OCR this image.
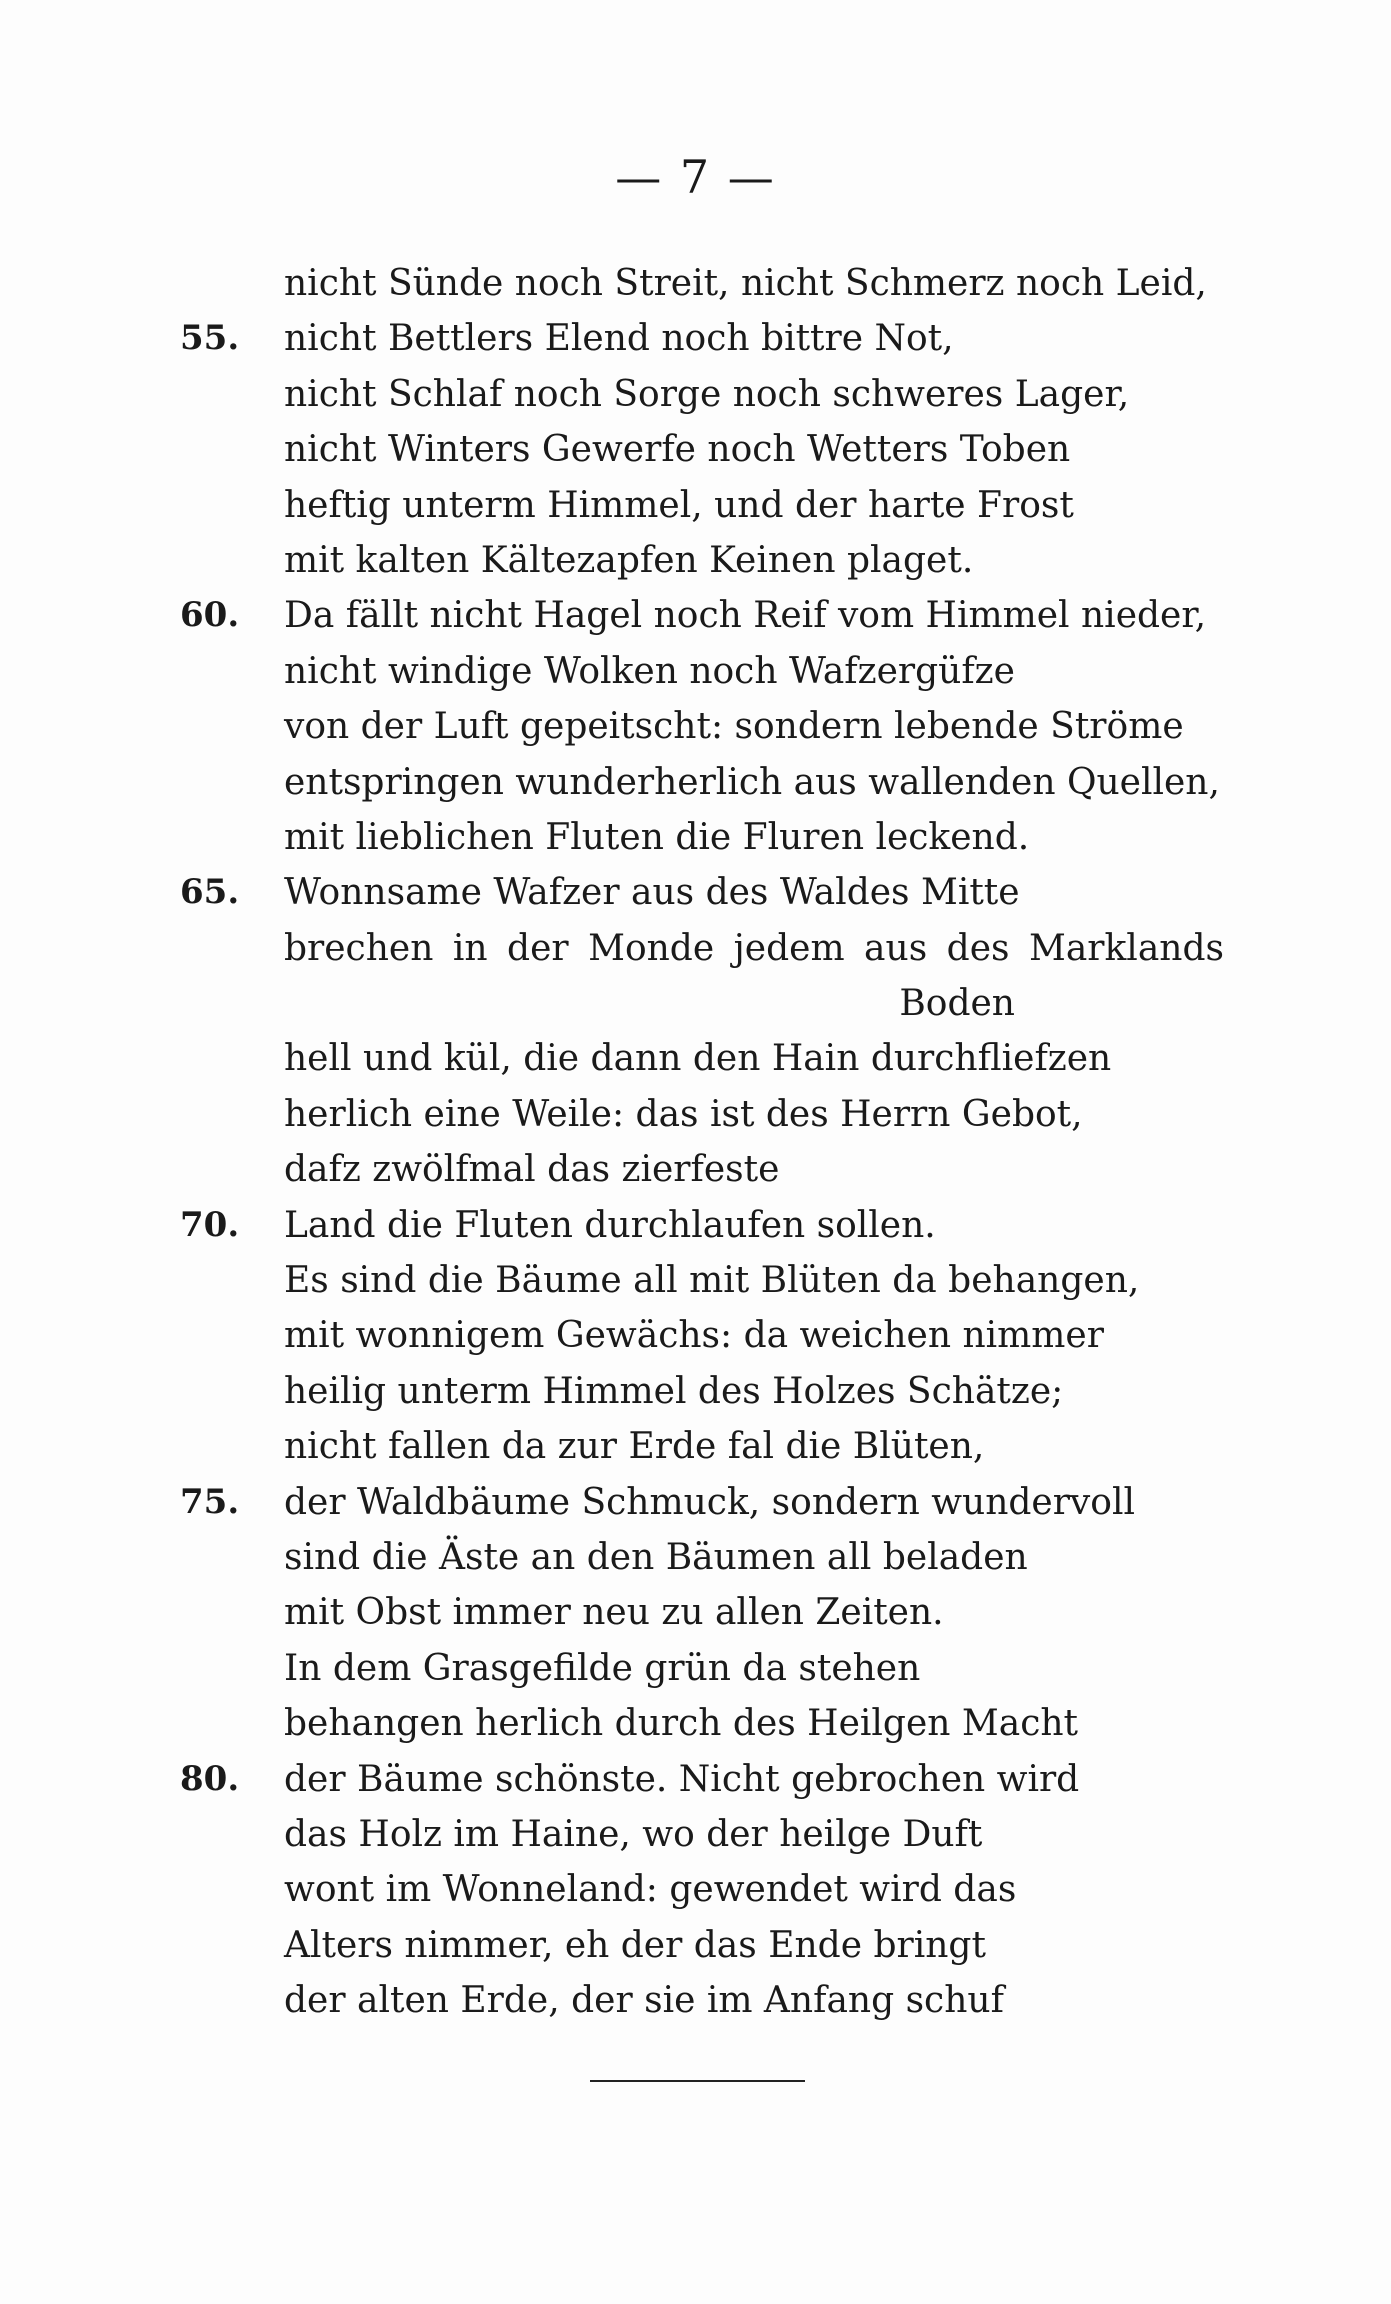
— 7 —
nicht Sünde noch Streit, nicht Schmerz noch Leid,
55.	nicht Bettlers Elend noch bittre Not,
nicht Schlaf noch Sorge noch schweres Lager,
nicht Winters Gewerfe noch Wetters Toben
heftig unterm Himmel, und der harte Frost
mit kalten Kältezapfen Keinen plaget.
60.	Da fällt nicht Hagel noch Reif vom Himmel nieder,
nicht windige Wolken noch Wafzergüfze
von der Luft gepeitscht: sondern lebende Ströme
entspringen wunderherlich aus wallenden Quellen,
mit lieblichen Fluten die Fluren leckend.
65.	Wonnsame Wafzer aus des Waldes Mitte
brechen in der Monde jedem aus des Marklands
Boden
hell und kül, die dann den Hain durchfliefzen
herlich eine Weile: das ist des Herrn Gebot,
dafz zwölfmal das zierfeste
70.	Land die Fluten durchlaufen sollen.
Es sind die Bäume all mit Blüten da behangen,
mit wonnigem Gewächs: da weichen nimmer
heilig unterm Himmel des Holzes Schätze;
nicht fallen da zur Erde fal die Blüten,
75.	der Waldbäume Schmuck, sondern wundervoll
sind die Äste an den Bäumen all beladen
mit Obst immer neu zu allen Zeiten.
In dem Grasgefilde grün da stehen
behangen herlich durch des Heilgen Macht
80.	der Bäume schönste. Nicht gebrochen wird
das Holz im Haine, wo der heilge Duft
wont im Wonneland: gewendet wird das
Alters nimmer, eh der das Ende bringt
der alten Erde, der sie im Anfang schuf
